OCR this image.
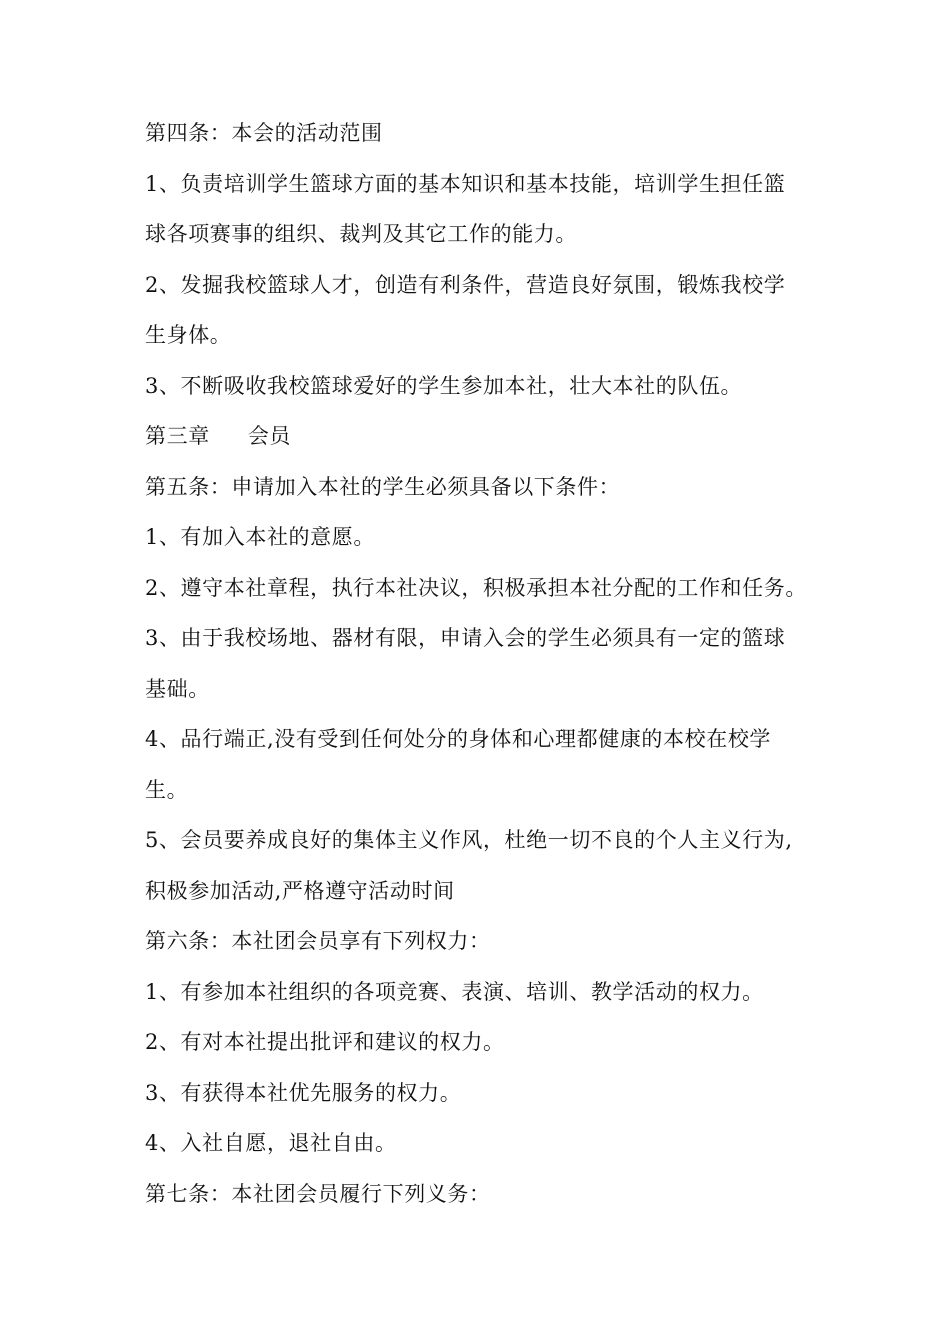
第四条：本会的活动范围
1、负责培训学生篮球方面的基本知识和基本技能，培训学生担任篮
球各项赛事的组织、裁判及其它工作的能力。
2、发掘我校篮球人才，创造有利条件，营造良好氛围，锻炼我校学
生身体。
3、不断吸收我校篮球爱好的学生参加本社，壮大本社的队伍。
第三章 会员
第五条：申请加入本社的学生必须具备以下条件：
1、有加入本社的意愿。
2、遵守本社章程，执行本社决议，积极承担本社分配的工作和任务。
3、由于我校场地、器材有限，申请入会的学生必须具有一定的篮球
基础。
4、品行端正,没有受到任何处分的身体和心理都健康的本校在校学
生。
5、会员要养成良好的集体主义作风，杜绝一切不良的个人主义行为,
积极参加活动,严格遵守活动时间
第六条：本社团会员享有下列权力：
1、有参加本社组织的各项竞赛、表演、培训、教学活动的权力。
2、有对本社提出批评和建议的权力。
3、有获得本社优先服务的权力。
4、入社自愿，退社自由。
第七条：本社团会员履行下列义务：
